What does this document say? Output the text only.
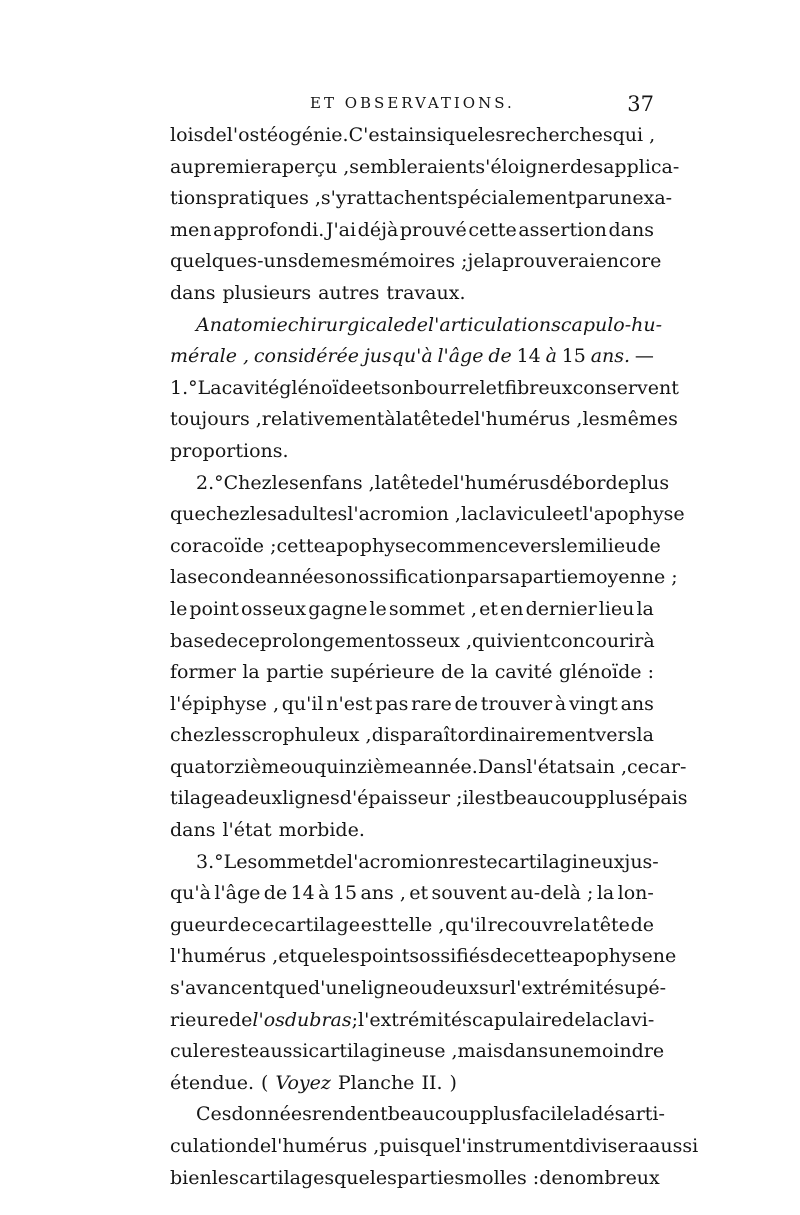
ET OBSERVATIONS.	37
lois de l'ostéogénie. C'est ainsi que les recherches qui ,
au premier aperçu , sembleraient s'éloigner des applica-
tions pratiques , s'y rattachent spécialement par un exa-
men approfondi. J'ai déjà prouvé cette assertion dans
quelques-uns de mes mémoires ; je la prouverai encore
dans plusieurs autres travaux.
Anatomie chirurgicale de l'articulation scapulo-hu-
mérale , considérée jusqu'à l'âge de 14 à 15 ans. —
1.° La cavité glénoïde et son bourrelet fibreux conservent
toujours , relativement à la tête de l'humérus , les mêmes
proportions.
2.° Chez les enfans , la tête de l'humérus déborde plus
que chez les adultes l'acromion , la clavicule et l'apophyse
coracoïde ; cette apophyse commence vers le milieu de
la seconde année son ossification par sa partie moyenne ;
le point osseux gagne le sommet , et en dernier lieu la
base de ce prolongement osseux , qui vient concourir à
former la partie supérieure de la cavité glénoïde :
l'épiphyse , qu'il n'est pas rare de trouver à vingt ans
chez les scrophuleux , disparaît ordinairement vers la
quatorzième ou quinzième année. Dans l'état sain , ce car-
tilage a deux lignes d'épaisseur ; il est beaucoup plus épais
dans l'état morbide.
3.° Le sommet de l'acromion reste cartilagineux jus-
qu'à l'âge de 14 à 15 ans , et souvent au-delà ; la lon-
gueur de ce cartilage est telle , qu'il recouvre la tête de
l'humérus , et que les points ossifiés de cette apophyse ne
s'avancent que d'une ligne ou deux sur l'extrémité supé-
rieure de l'os du bras ; l'extrémité scapulaire de la clavi-
cule reste aussi cartilagineuse , mais dans une moindre
étendue. ( Voyez Planche II. )
Ces données rendent beaucoup plus facile la désarti-
culation de l'humérus , puisque l'instrument divisera aussi
bien les cartilages que les parties molles : de nombreux
